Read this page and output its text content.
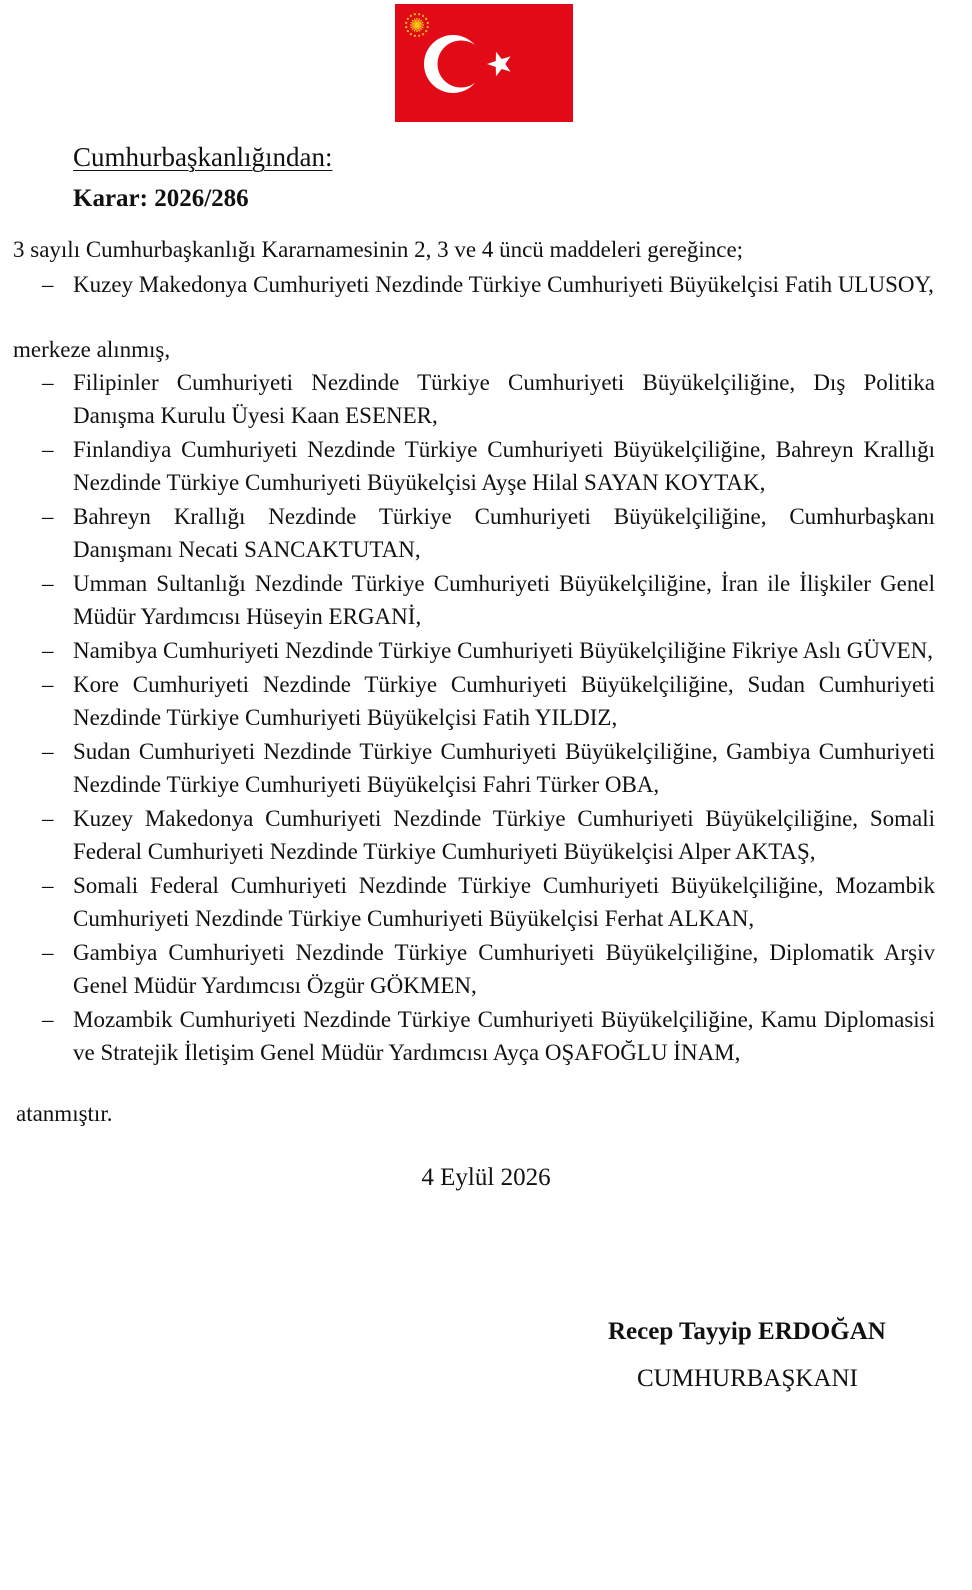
Cumhurbaşkanlığından:
Karar: 2026/286
3 sayılı Cumhurbaşkanlığı Kararnamesinin 2, 3 ve 4 üncü maddeleri gereğince;
– Kuzey Makedonya Cumhuriyeti Nezdinde Türkiye Cumhuriyeti Büyükelçisi Fatih ULUSOY,
merkeze alınmış,
– Filipinler Cumhuriyeti Nezdinde Türkiye Cumhuriyeti Büyükelçiliğine, Dış Politika Danışma Kurulu Üyesi Kaan ESENER,
– Finlandiya Cumhuriyeti Nezdinde Türkiye Cumhuriyeti Büyükelçiliğine, Bahreyn Krallığı Nezdinde Türkiye Cumhuriyeti Büyükelçisi Ayşe Hilal SAYAN KOYTAK,
– Bahreyn Krallığı Nezdinde Türkiye Cumhuriyeti Büyükelçiliğine, Cumhurbaşkanı Danışmanı Necati SANCAKTUTAN,
– Umman Sultanlığı Nezdinde Türkiye Cumhuriyeti Büyükelçiliğine, İran ile İlişkiler Genel Müdür Yardımcısı Hüseyin ERGANİ,
– Namibya Cumhuriyeti Nezdinde Türkiye Cumhuriyeti Büyükelçiliğine Fikriye Aslı GÜVEN,
– Kore Cumhuriyeti Nezdinde Türkiye Cumhuriyeti Büyükelçiliğine, Sudan Cumhuriyeti Nezdinde Türkiye Cumhuriyeti Büyükelçisi Fatih YILDIZ,
– Sudan Cumhuriyeti Nezdinde Türkiye Cumhuriyeti Büyükelçiliğine, Gambiya Cumhuriyeti Nezdinde Türkiye Cumhuriyeti Büyükelçisi Fahri Türker OBA,
– Kuzey Makedonya Cumhuriyeti Nezdinde Türkiye Cumhuriyeti Büyükelçiliğine, Somali Federal Cumhuriyeti Nezdinde Türkiye Cumhuriyeti Büyükelçisi Alper AKTAŞ,
– Somali Federal Cumhuriyeti Nezdinde Türkiye Cumhuriyeti Büyükelçiliğine, Mozambik Cumhuriyeti Nezdinde Türkiye Cumhuriyeti Büyükelçisi Ferhat ALKAN,
– Gambiya Cumhuriyeti Nezdinde Türkiye Cumhuriyeti Büyükelçiliğine, Diplomatik Arşiv Genel Müdür Yardımcısı Özgür GÖKMEN,
– Mozambik Cumhuriyeti Nezdinde Türkiye Cumhuriyeti Büyükelçiliğine, Kamu Diplomasisi ve Stratejik İletişim Genel Müdür Yardımcısı Ayça OŞAFOĞLU İNAM,
atanmıştır.
4 Eylül 2026
Recep Tayyip ERDOĞAN
CUMHURBAŞKANI
